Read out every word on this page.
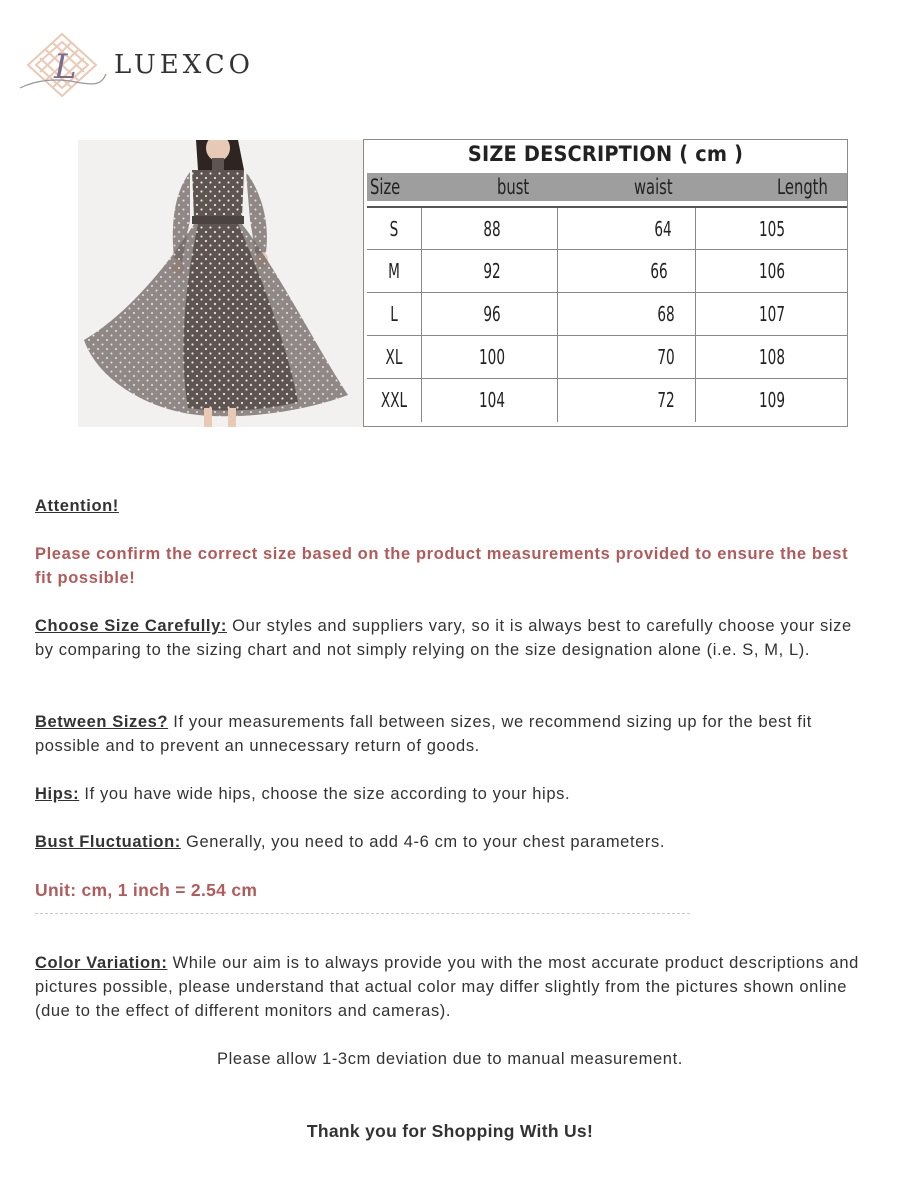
L LUEXCO
SIZE DESCRIPTION ( cm )
Size	bust	waist	Length
S	88	64	105
M	92	66	106
L	96	68	107
XL	100	70	108
XXL	104	72	109
Attention!
Please confirm the correct size based on the product measurements provided to ensure the best fit possible!
Choose Size Carefully: Our styles and suppliers vary, so it is always best to carefully choose your size by comparing to the sizing chart and not simply relying on the size designation alone (i.e. S, M, L).
Between Sizes? If your measurements fall between sizes, we recommend sizing up for the best fit possible and to prevent an unnecessary return of goods.
Hips: If you have wide hips, choose the size according to your hips.
Bust Fluctuation: Generally, you need to add 4-6 cm to your chest parameters.
Unit: cm, 1 inch = 2.54 cm
Color Variation: While our aim is to always provide you with the most accurate product descriptions and pictures possible, please understand that actual color may differ slightly from the pictures shown online (due to the effect of different monitors and cameras).
Please allow 1-3cm deviation due to manual measurement.
Thank you for Shopping With Us!
